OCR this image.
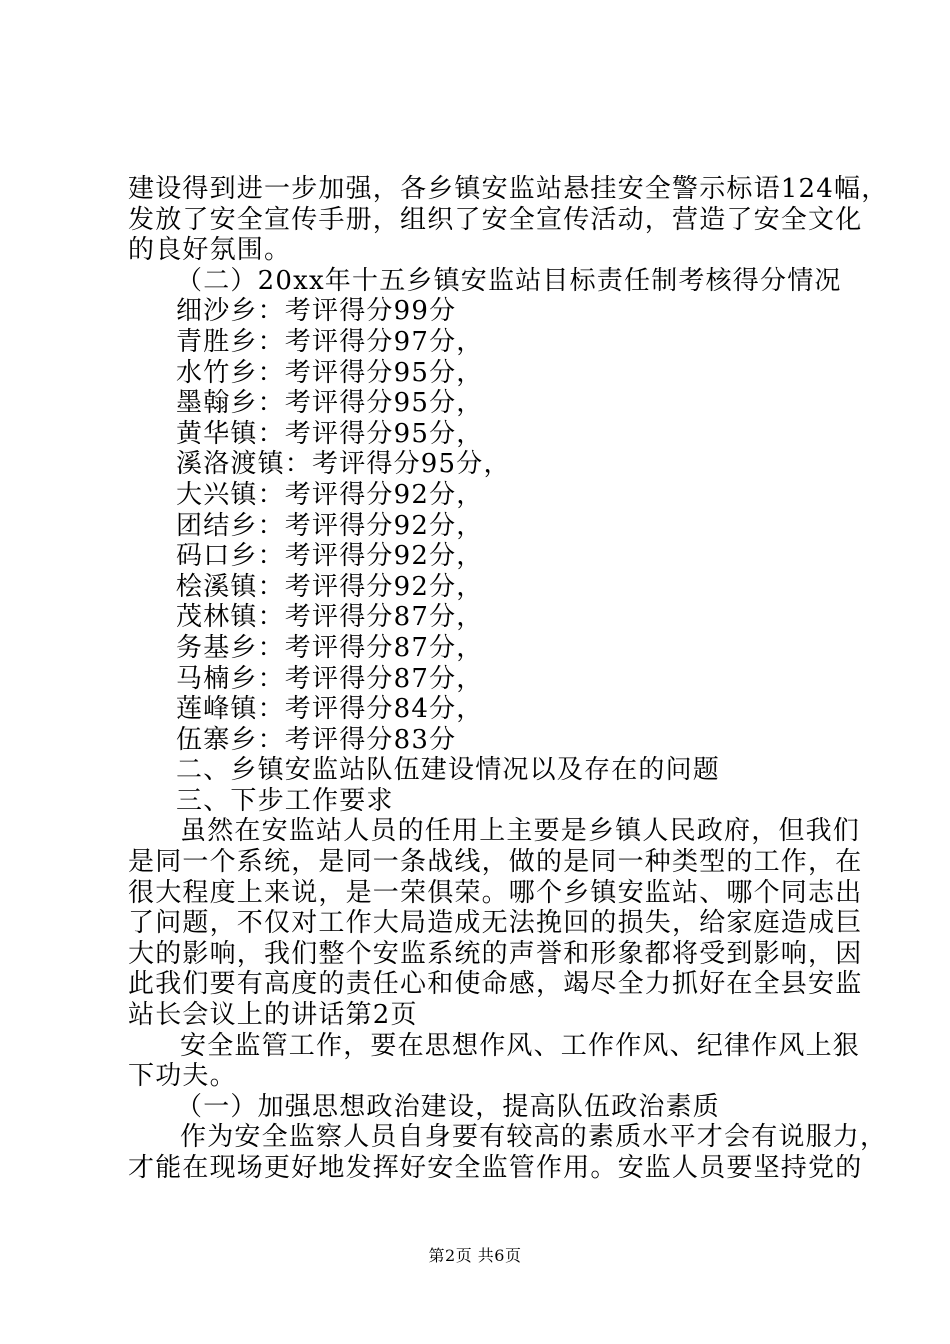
建设得到进一步加强，各乡镇安监站悬挂安全警示标语124幅，

发放了安全宣传手册，组织了安全宣传活动，营造了安全文化

的良好氛围。

（二）20xx年十五乡镇安监站目标责任制考核得分情况

细沙乡：考评得分99分

青胜乡：考评得分97分，

水竹乡：考评得分95分，

墨翰乡：考评得分95分，

黄华镇：考评得分95分，

溪洛渡镇：考评得分95分，

大兴镇：考评得分92分，

团结乡：考评得分92分，

码口乡：考评得分92分，

桧溪镇：考评得分92分，

茂林镇：考评得分87分，

务基乡：考评得分87分，

马楠乡：考评得分87分，

莲峰镇：考评得分84分，

伍寨乡：考评得分83分

二、乡镇安监站队伍建设情况以及存在的问题

三、下步工作要求

虽然在安监站人员的任用上主要是乡镇人民政府，但我们

是同一个系统，是同一条战线，做的是同一种类型的工作，在

很大程度上来说，是一荣俱荣。哪个乡镇安监站、哪个同志出

了问题，不仅对工作大局造成无法挽回的损失，给家庭造成巨

大的影响，我们整个安监系统的声誉和形象都将受到影响，因

此我们要有高度的责任心和使命感，竭尽全力抓好在全县安监

站长会议上的讲话第2页

安全监管工作，要在思想作风、工作作风、纪律作风上狠

下功夫。

（一）加强思想政治建设，提高队伍政治素质

作为安全监察人员自身要有较高的素质水平才会有说服力，

才能在现场更好地发挥好安全监管作用。安监人员要坚持党的

第2页 共6页
